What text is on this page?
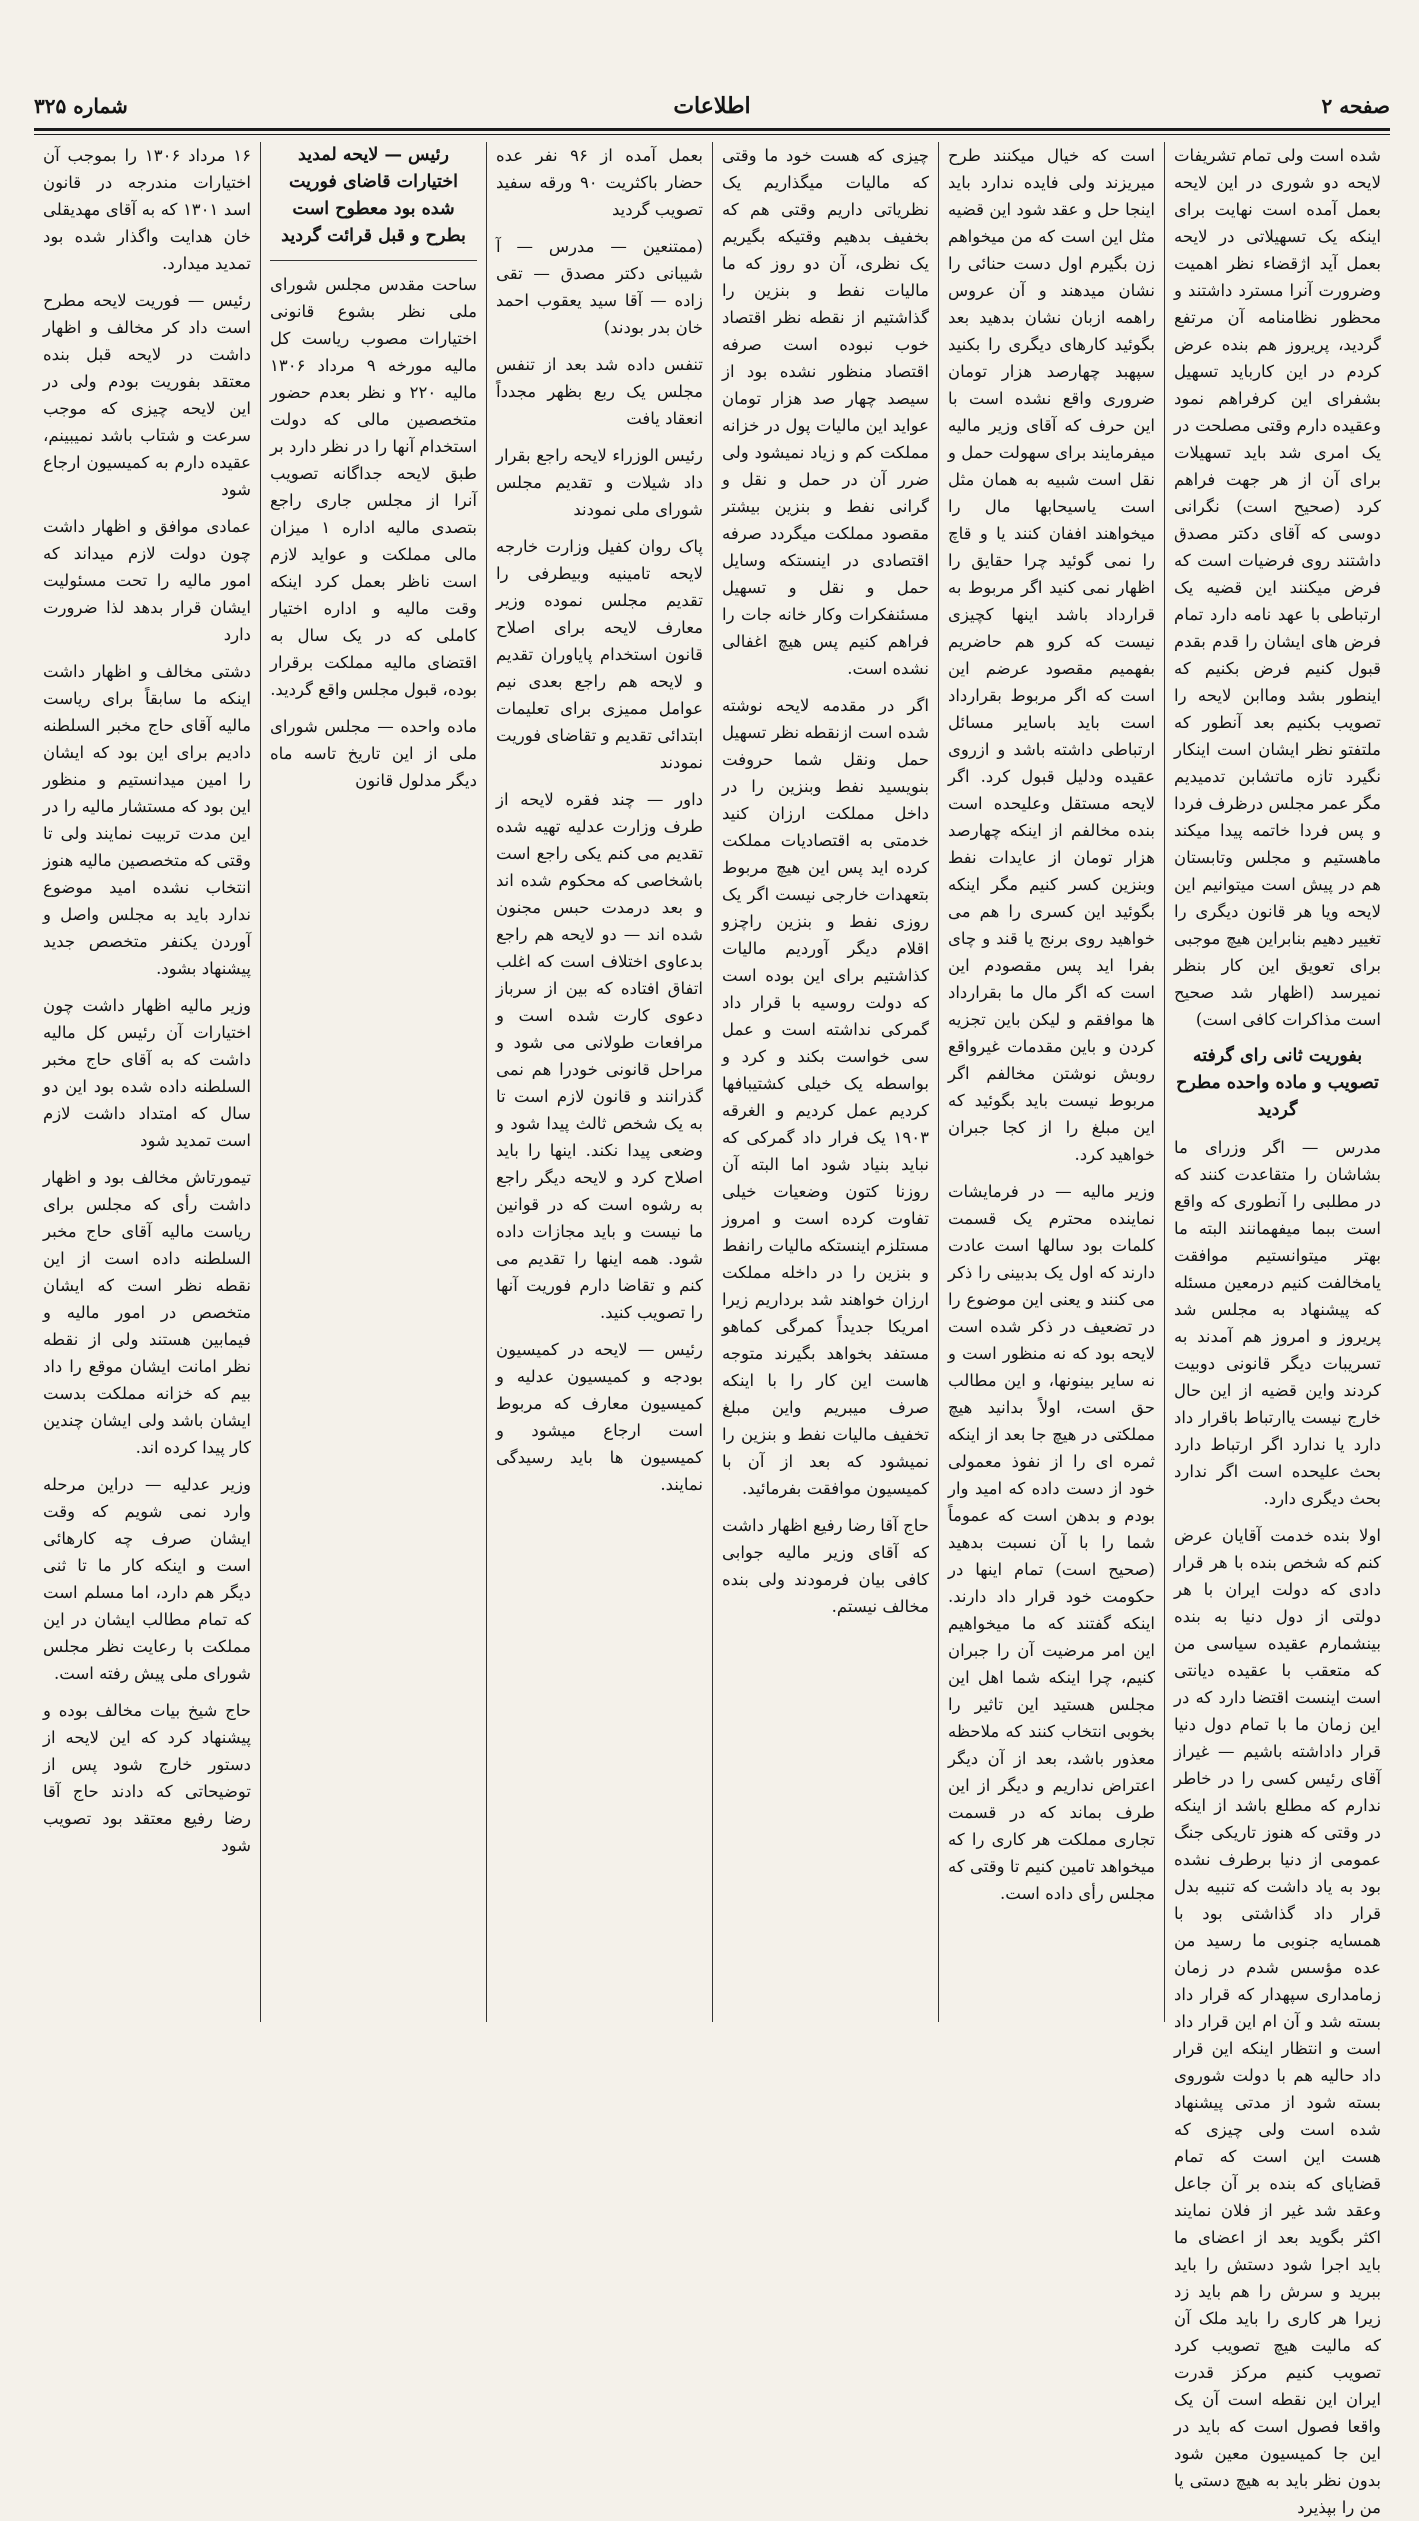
صفحه ۲
اطلاعات
شماره ۳۲۵

شده است ولی تمام تشریفات لایحه دو شوری در این لایحه بعمل آمده است نهایت برای اینکه یک تسهیلاتی در لایحه بعمل آید اژقضاء نظر اهمیت وضرورت آنرا مسترد داشتند و محظور نظامنامه آن مرتفع گردید، پریروز هم بنده عرض کردم در این کارباید تسهیل بشفرای این کرفراهم نمود وعقیده دارم وقتی مصلحت در یک امری شد باید تسهیلات برای آن از هر جهت فراهم کرد (صحیح است) نگرانی دوسی که آقای دکتر مصدق داشتند روی فرضیات است که فرض میکنند این قضیه یک ارتباطی با عهد نامه دارد تمام فرض های ایشان را قدم بقدم قبول کنیم فرض بکنیم که اینطور بشد وماابن لایحه را تصویب بکنیم بعد آنطور که ملتفتو نظر ایشان است اینکار نگیرد تازه ماتشابن تدمیدیم مگر عمر مجلس درظرف فردا و پس فردا خاتمه پیدا میکند ماهستیم و مجلس وتابستان هم در پیش است میتوانیم این لایحه ویا هر قانون دیگری را تغییر دهیم بنابراین هیچ موجبی برای تعویق این کار بنظر نمیرسد (اظهار شد صحیح است مذاکرات کافی است)

بفوریت ثانی رای گرفته تصویب و ماده واحده مطرح گردید

مدرس — اگر وزرای ما بشاشان را متقاعدت کنند که در مطلبی را آنطوری که واقع است ببما میفهمانند البته ما بهتر میتوانستیم موافقت یامخالفت کنیم درمعین مسئله که پیشنهاد به مجلس شد پریروز و امروز هم آمدند به تسریبات دیگر قانونی دوبیت کردند واین قضیه از این حال خارج نیست یاارتباط باقرار داد دارد یا ندارد اگر ارتباط دارد بحث علیحده است اگر ندارد بحث دیگری دارد.

اولا بنده خدمت آقایان عرض کنم که شخص بنده با هر قرار دادی که دولت ایران با هر دولتی از دول دنیا به بنده بینشمارم عقیده سیاسی من که متعقب با عقیده دیانتی است اینست اقتضا دارد که در این زمان ما با تمام دول دنیا قرار داداشته باشیم — غیراز آقای رئیس کسی را در خاطر ندارم که مطلع باشد از اینکه در وقتی که هنوز تاریکی جنگ عمومی از دنیا برطرف نشده بود به یاد داشت که تنبیه بدل قرار داد گذاشتی بود با همسایه جنوبی ما رسید من عده مؤسس شدم در زمان زمامداری سپهدار که قرار داد بسته شد و آن ام این قرار داد است و انتظار اینکه این قرار داد حالیه هم با دولت شوروی بسته شود از مدتی پیشنهاد شده است ولی چیزی که هست این است که تمام قضایای که بنده بر آن جاعل وعقد شد غیر از فلان نمایند اکثر بگوید بعد از اعضای ما باید اجرا شود دستش را باید ببرید و سرش را هم باید زد زیرا هر کاری را باید ملک آن که مالیت هیچ تصویب کرد تصویب کنیم مرکز قدرت ایران این نقطه است آن یک واقعا فصول است که باید در این جا کمیسیون معین شود بدون نظر باید به هیچ دستی یا من را بپذیرد

است که خیال میکنند طرح میریزند ولی فایده ندارد باید اینجا حل و عقد شود این قضیه مثل این است که من میخواهم زن بگیرم اول دست حنائی را نشان میدهند و آن عروس راهمه ازبان نشان بدهید بعد بگوئید کارهای دیگری را بکنید سپهبد چهارصد هزار تومان ضروری واقع نشده است با این حرف که آقای وزیر مالیه میفرمایند برای سهولت حمل و نقل است شبیه به همان مثل است یاسیحابها مال را میخواهند اففان کنند یا و قاچ را نمی گوئید چرا حقایق را اظهار نمی کنید اگر مربوط به قرارداد باشد اینها کچیزی نیست که کرو هم حاضریم بفهمیم مقصود عرضم این است که اگر مربوط بقرارداد است باید باسایر مسائل ارتباطی داشته باشد و ازروی عقیده ودلیل قبول کرد. اگر لایحه مستقل وعلیحده است بنده مخالفم از اینکه چهارصد هزار تومان از عایدات نفط وبنزین کسر کنیم مگر اینکه بگوئید این کسری را هم می خواهید روی برنج یا قند و چای بفرا اید پس مقصودم این است که اگر مال ما بقرارداد ها موافقم و لیکن باین تجزیه کردن و باین مقدمات غیرواقع روبش نوشتن مخالفم اگر مربوط نیست باید بگوئید که این مبلغ را از کجا جبران خواهید کرد.

وزیر مالیه — در فرمایشات نماینده محترم یک قسمت کلمات بود سالها است عادت دارند که اول یک بدبینی را ذکر می کنند و یعنی این موضوع را در تضعیف در ذکر شده است لایحه بود که نه منظور است و نه سایر بینونها، و این مطالب حق است، اولاً بدانید هیچ مملکتی در هیچ جا بعد از اینکه ثمره ای را از نفوذ معمولی خود از دست داده که امید وار بودم و بدهن است که عموماً شما را با آن نسبت بدهید (صحیح است) تمام اینها در حکومت خود قرار داد دارند. اینکه گفتند که ما میخواهیم این امر مرضیت آن را جبران کنیم، چرا اینکه شما اهل این مجلس هستید این تاثیر را بخوبی انتخاب کنند که ملاحظه معذور باشد، بعد از آن دیگر اعتراض نداریم و دیگر از این طرف بماند که در قسمت تجاری مملکت هر کاری را که میخواهد تامین کنیم تا وقتی که مجلس رأی داده است.

چیزی که هست خود ما وقتی که مالیات میگذاریم یک نظریاتی داریم وقتی هم که بخفیف بدهیم وقتیکه بگیریم یک نظری، آن دو روز که ما مالیات نفط و بنزین را گذاشتیم از نقطه نظر اقتصاد خوب نبوده است صرفه اقتصاد منظور نشده بود از سیصد چهار صد هزار تومان عواید این مالیات پول در خزانه مملکت کم و زیاد نمیشود ولی ضرر آن در حمل و نقل و گرانی نفط و بنزین بیشتر مقصود مملکت میگردد صرفه اقتصادی در اینستکه وسایل حمل و نقل و تسهیل مسئنفکرات وکار خانه جات را فراهم کنیم پس هیچ اغفالی نشده است.

اگر در مقدمه لایحه نوشته شده است ازنقطه نظر تسهیل حمل ونقل شما حروفت بنویسید نفط وبنزین را در داخل مملکت ارزان کنید خدمتی به اقتصادیات مملکت کرده اید پس این هیچ مربوط بتعهدات خارجی نیست اگر یک روزی نفط و بنزین راچزو اقلام دیگر آوردیم مالیات کذاشتیم برای این بوده است که دولت روسیه با قرار داد گمرکی نداشته است و عمل سی خواست بکند و کرد و بواسطه یک خیلی کشتیبافها کردیم عمل کردیم و الغرقه ۱۹۰۳ یک فرار داد گمرکی که نباید بنیاد شود اما البته آن روزنا کتون وضعیات خیلی تفاوت کرده است و امروز مستلزم اینستکه مالیات رانفط و بنزین را در داخله مملکت ارزان خواهند شد برداریم زیرا امریکا جدیداً کمرگی کماهو مستفد بخواهد بگیرند متوجه هاست این کار را با اینکه صرف میبریم واین مبلغ تخفیف مالیات نفط و بنزین را نمیشود که بعد از آن با کمیسیون موافقت بفرمائید.

حاج آقا رضا رفیع اظهار داشت که آقای وزیر مالیه جوابی کافی بیان فرمودند ولی بنده مخالف نیستم.

بعمل آمده از ۹۶ نفر عده حضار باکثریت ۹۰ ورقه سفید تصویب گردید

(ممتنعین — مدرس — آ شیبانی دکتر مصدق — تقی زاده — آقا سید یعقوب احمد خان بدر بودند)

تنفس داده شد بعد از تنفس مجلس یک ربع بظهر مجدداً انعقاد یافت

رئیس الوزراء لایحه راجع بقرار داد شیلات و تقدیم مجلس شورای ملی نمودند

پاک روان کفیل وزارت خارجه لایحه تامینیه وبیطرفی را تقدیم مجلس نموده وزیر معارف لایحه برای اصلاح قانون استخدام پایاوران تقدیم و لایحه هم راجع بعدی نیم عوامل ممیزی برای تعلیمات ابتدائی تقدیم و تقاضای فوریت نمودند

داور — چند فقره لایحه از طرف وزارت عدلیه تهیه شده تقدیم می کنم یکی راجع است باشخاصی که محکوم شده اند و بعد درمدت حبس مجنون شده اند — دو لایحه هم راجع بدعاوی اختلاف است که اغلب اتفاق افتاده که بین از سرباز دعوی کارت شده است و مرافعات طولانی می شود و مراحل قانونی خودرا هم نمی گذرانند و قانون لازم است تا به یک شخص ثالث پیدا شود و وضعی پیدا نکند. اینها را باید اصلاح کرد و لایحه دیگر راجع به رشوه است که در قوانین ما نیست و باید مجازات داده شود. همه اینها را تقدیم می کنم و تقاضا دارم فوریت آنها را تصویب کنید.

رئیس — لایحه در کمیسیون بودجه و کمیسیون عدلیه و کمیسیون معارف که مربوط است ارجاع میشود و کمیسیون ها باید رسیدگی نمایند.

رئیس — لایحه لمدید اختیارات قاضای فوریت شده بود معطوح است بطرح و قبل قرائت گردید

ساحت مقدس مجلس شورای ملی نظر بشوع قانونی اختیارات مصوب ریاست کل مالیه مورخه ۹ مرداد ۱۳۰۶ مالیه ۲۲۰ و نظر بعدم حضور متخصصین مالی که دولت استخدام آنها را در نظر دارد بر طبق لایحه جداگانه تصویب آنرا از مجلس جاری راجع بتصدی مالیه اداره ۱ میزان مالی مملکت و عواید لازم است ناظر بعمل کرد اینکه وقت مالیه و اداره اختیار کاملی که در یک سال به اقتضای مالیه مملکت برقرار بوده، قبول مجلس واقع گردید.

ماده واحده — مجلس شورای ملی از این تاریخ تاسه ماه دیگر مدلول قانون

۱۶ مرداد ۱۳۰۶ را بموجب آن اختیارات مندرجه در قانون اسد ۱۳۰۱ که به آقای مهدیقلی خان هدایت واگذار شده بود تمدید میدارد.

رئیس — فوریت لایحه مطرح است داد کر مخالف و اظهار داشت در لایحه قبل بنده معتقد بفوریت بودم ولی در این لایحه چیزی که موجب سرعت و شتاب باشد نمیبینم، عقیده دارم به کمیسیون ارجاع شود

عمادی موافق و اظهار داشت چون دولت لازم میداند که امور مالیه را تحت مسئولیت ایشان قرار بدهد لذا ضرورت دارد

دشتی مخالف و اظهار داشت اینکه ما سابقاً برای ریاست مالیه آقای حاج مخبر السلطنه دادیم برای این بود که ایشان را امین میدانستیم و منظور این بود که مستشار مالیه را در این مدت تربیت نمایند ولی تا وقتی که متخصصین مالیه هنوز انتخاب نشده امید موضوع ندارد باید به مجلس واصل و آوردن یکنفر متخصص جدید پیشنهاد بشود.

وزیر مالیه اظهار داشت چون اختیارات آن رئیس کل مالیه داشت که به آقای حاج مخبر السلطنه داده شده بود این دو سال که امتداد داشت لازم است تمدید شود

تیمورتاش مخالف بود و اظهار داشت رأی که مجلس برای ریاست مالیه آقای حاج مخبر السلطنه داده است از این نقطه نظر است که ایشان متخصص در امور مالیه و فیمابین هستند ولی از نقطه نظر امانت ایشان موقع را داد بیم که خزانه مملکت بدست ایشان باشد ولی ایشان چندین کار پیدا کرده اند.

وزیر عدلیه — دراین مرحله وارد نمی شویم که وقت ایشان صرف چه کارهائی است و اینکه کار ما تا ثنی دیگر هم دارد، اما مسلم است که تمام مطالب ایشان در این مملکت با رعایت نظر مجلس شورای ملی پیش رفته است.

حاج شیخ بیات مخالف بوده و پیشنهاد کرد که این لایحه از دستور خارج شود پس از توضیحاتی که دادند حاج آقا رضا رفیع معتقد بود تصویب شود
